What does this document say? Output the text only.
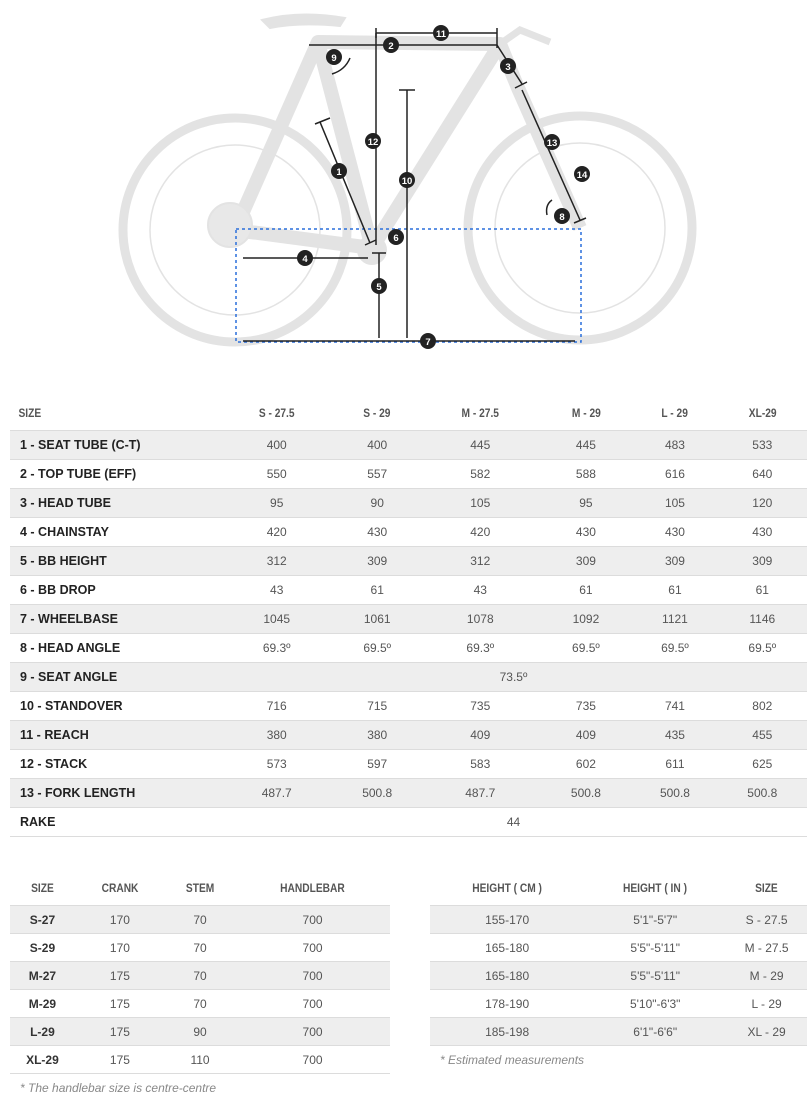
1
2
3
4
5
6
7
8
9
10
11
12	13
14
SIZE	S - 27.5	S - 29	M - 27.5	M - 29	L - 29	XL-29
1 - SEAT TUBE (C-T)	400	400	445	445	483	533
2 - TOP TUBE (EFF)	550	557	582	588	616	640
3 - HEAD TUBE	95	90	105	95	105	120
4 - CHAINSTAY	420	430	420	430	430	430
5 - BB HEIGHT	312	309	312	309	309	309
6 - BB DROP	43	61	43	61	61	61
7 - WHEELBASE	1045	1061	1078	1092	1121	1146
8 - HEAD ANGLE	69.3º	69.5º	69.3º	69.5º	69.5º	69.5º
9 - SEAT ANGLE	73.5º					
10 - STANDOVER	716	715	735	735	741	802
11 - REACH	380	380	409	409	435	455
12 - STACK	573	597	583	602	611	625
13 - FORK LENGTH	487.7	500.8	487.7	500.8	500.8	500.8
RAKE	44					
SIZE	CRANK	STEM	HANDLEBAR
S-27	170	70	700
S-29	170	70	700
M-27	175	70	700
M-29	175	70	700
L-29	175	90	700
XL-29	175	110	700
HEIGHT ( CM )	HEIGHT ( IN )	SIZE
155-170	5'1"-5'7"	S - 27.5
165-180	5'5"-5'11"	M - 27.5
165-180	5'5"-5'11"	M - 29
178-190	5'10"-6'3"	L - 29
185-198	6'1"-6'6"	XL - 29
* Estimated measurements
* The handlebar size is centre-centre
